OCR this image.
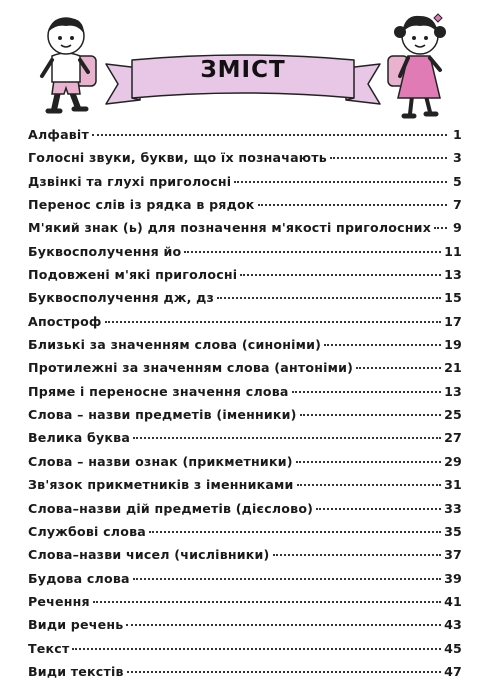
ЗМІСТ
Алфавіт	1
Голосні звуки, букви, що їх позначають	3
Дзвінкі та глухі приголосні	5
Перенос слів із рядка в рядок	7
М'який знак (ь) для позначення м'якості приголосних 9
Буквосполучення йо	11
Подовжені м'які приголосні	13
Буквосполучення дж, дз	15
Апостроф	17
Близькі за значенням слова (синоніми)	19
Протилежні за значенням слова (антоніми)	21
Пряме і переносне значення слова	13
Слова – назви предметів (іменники)	25
Велика буква	27
Слова – назви ознак (прикметники)	29
Зв'язок прикметників з іменниками	31
Слова–назви дій предметів (дієслово)	33
Службові слова	35
Слова–назви чисел (числівники)	37
Будова слова	39
Речення	41
Види речень	43
Текст	45
Види текстів	47
